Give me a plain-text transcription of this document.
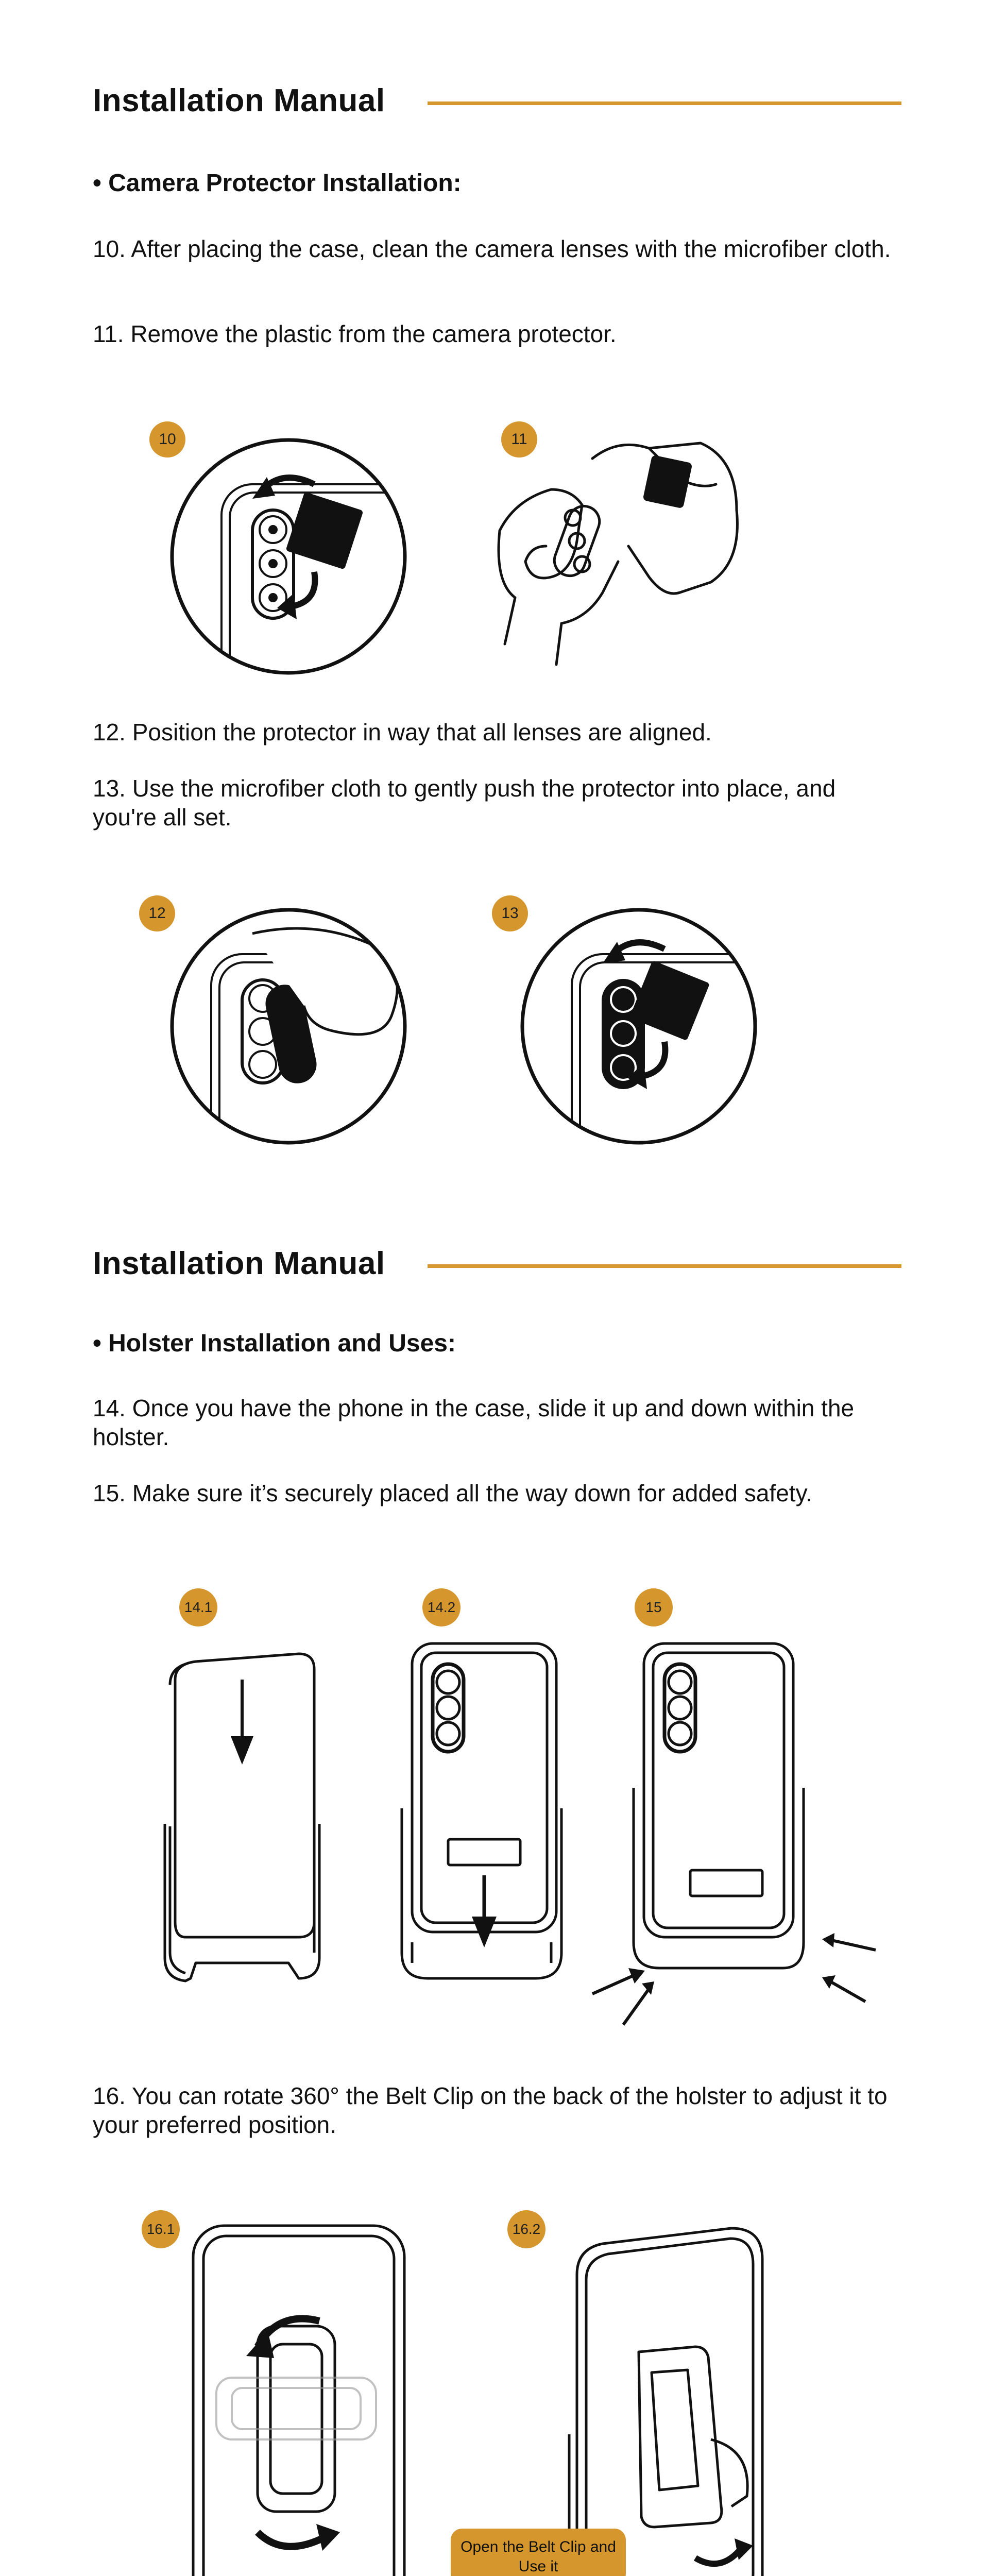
Installation Manual
• Camera Protector Installation:
10. After placing the case, clean the camera lenses with the microfiber cloth.
11. Remove the plastic from the camera protector.
10	11
12. Position the protector in way that all lenses are aligned.
13. Use the microfiber cloth to gently push the protector into place, and you're all set.
12	13
Installation Manual
• Holster Installation and Uses:
14. Once you have the phone in the case, slide it up and down within the holster.
15. Make sure it’s securely placed all the way down for added safety.
14.1	14.2	15
16. You can rotate 360° the Belt Clip on the back of the holster to adjust it to your preferred position.
16.1	16.2
Open the Belt Clip and Use it
